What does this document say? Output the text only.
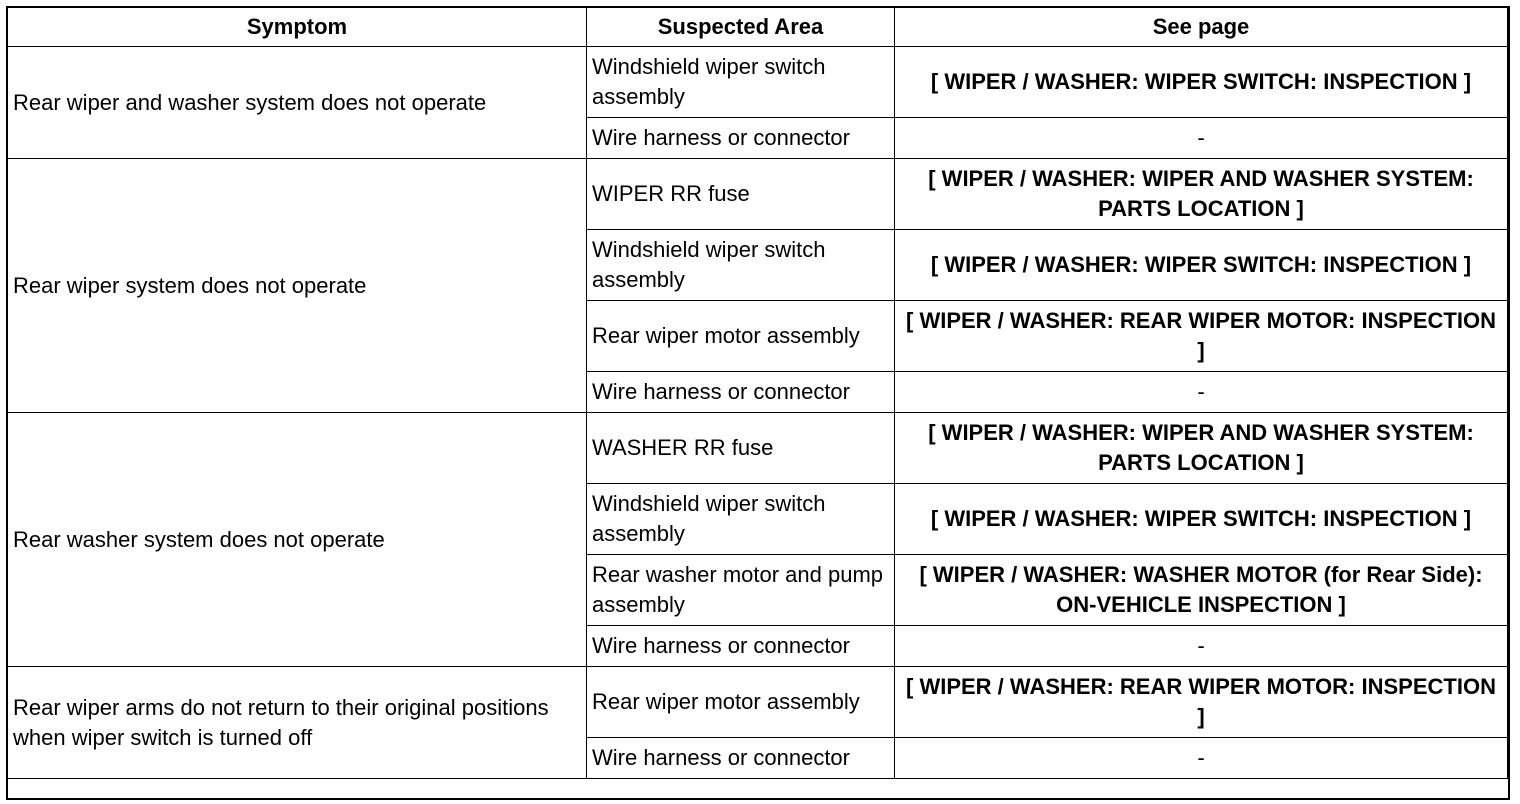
Symptom	Suspected Area	See page
Rear wiper and washer system does not operate	Windshield wiper switch assembly	[ WIPER / WASHER: WIPER SWITCH: INSPECTION ]
	Wire harness or connector	-
Rear wiper system does not operate	WIPER RR fuse	[ WIPER / WASHER: WIPER AND WASHER SYSTEM: PARTS LOCATION ]
	Windshield wiper switch assembly	[ WIPER / WASHER: WIPER SWITCH: INSPECTION ]
	Rear wiper motor assembly	[ WIPER / WASHER: REAR WIPER MOTOR: INSPECTION ]
	Wire harness or connector	-
Rear washer system does not operate	WASHER RR fuse	[ WIPER / WASHER: WIPER AND WASHER SYSTEM: PARTS LOCATION ]
	Windshield wiper switch assembly	[ WIPER / WASHER: WIPER SWITCH: INSPECTION ]
	Rear washer motor and pump assembly	[ WIPER / WASHER: WASHER MOTOR (for Rear Side): ON-VEHICLE INSPECTION ]
	Wire harness or connector	-
Rear wiper arms do not return to their original positions when wiper switch is turned off	Rear wiper motor assembly	[ WIPER / WASHER: REAR WIPER MOTOR: INSPECTION ]
	Wire harness or connector	-
